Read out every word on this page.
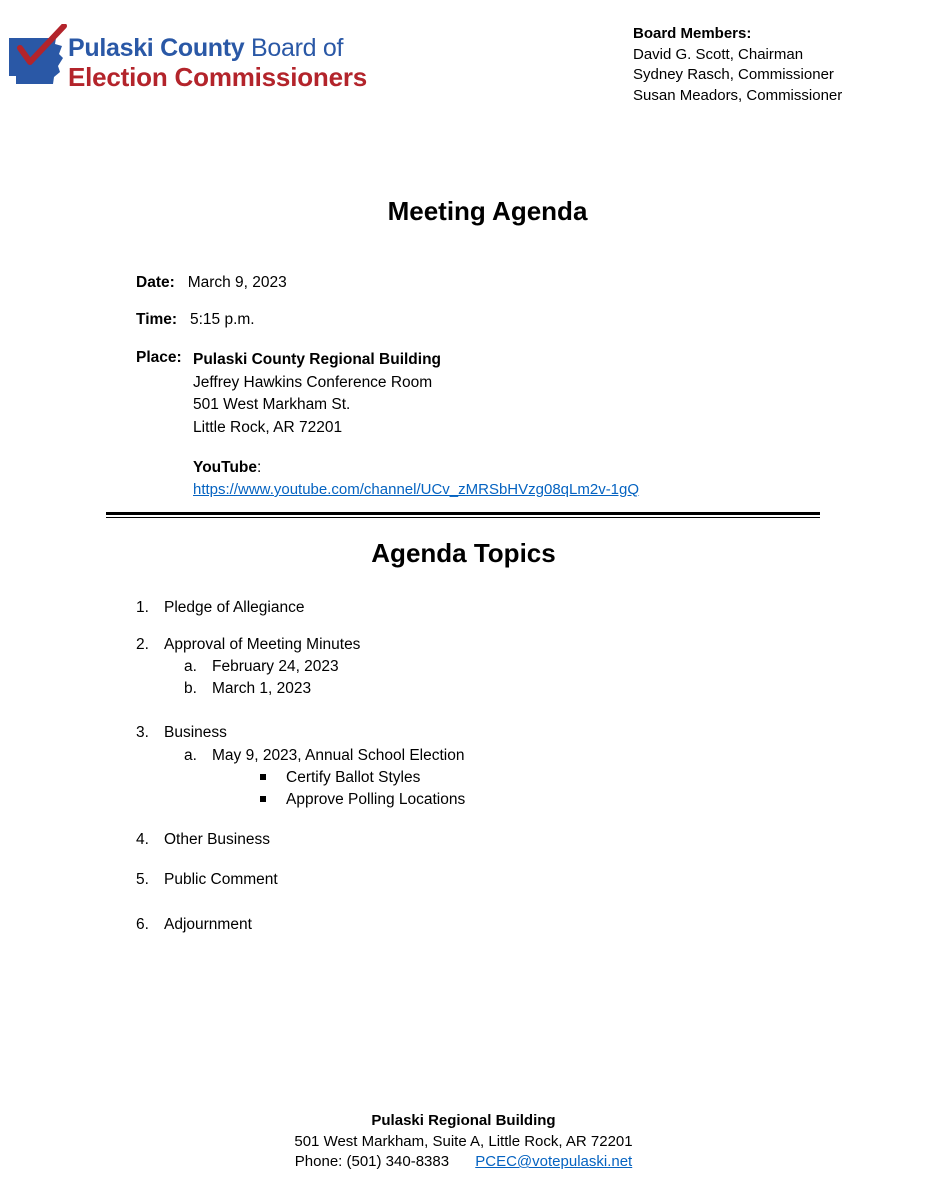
Pulaski County Board of
Election Commissioners
Board Members:
David G. Scott, Chairman
Sydney Rasch, Commissioner
Susan Meadors, Commissioner
Meeting Agenda
Date: March 9, 2023
Time: 5:15 p.m.
Place: Pulaski County Regional Building
Jeffrey Hawkins Conference Room
501 West Markham St.
Little Rock, AR 72201
YouTube:
https://www.youtube.com/channel/UCv_zMRSbHVzg08qLm2v-1gQ
Agenda Topics
1. Pledge of Allegiance
2. Approval of Meeting Minutes
a. February 24, 2023
b. March 1, 2023
3. Business
a. May 9, 2023, Annual School Election
Certify Ballot Styles
Approve Polling Locations
4. Other Business
5. Public Comment
6. Adjournment
Pulaski Regional Building
501 West Markham, Suite A, Little Rock, AR 72201
Phone: (501) 340-8383 PCEC@votepulaski.net
